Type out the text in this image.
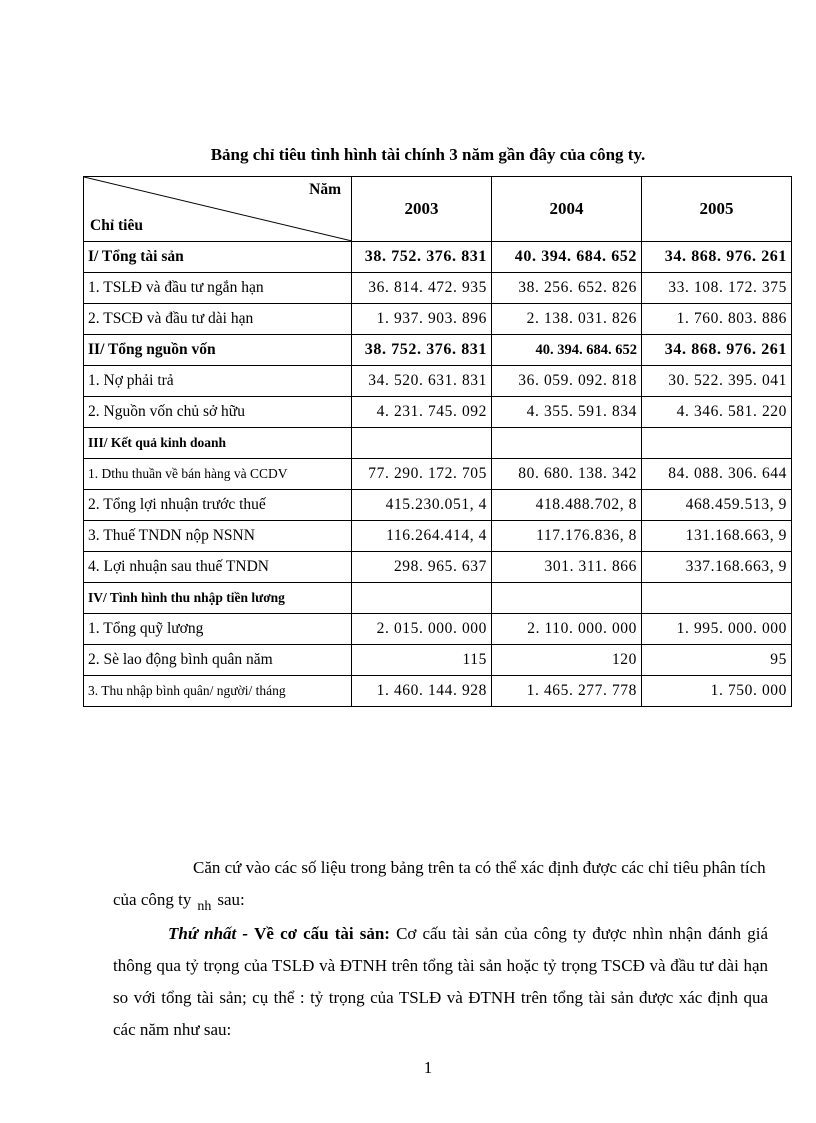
Bảng chỉ tiêu tình hình tài chính 3 năm gần đây của công ty.
Năm
Chỉ tiêu	2003	2004	2005
I/ Tổng tài sản	38. 752. 376. 831	40. 394. 684. 652	34. 868. 976. 261
1. TSLĐ và đầu tư ngắn hạn	36. 814. 472. 935	38. 256. 652. 826	33. 108. 172. 375
2. TSCĐ và đầu tư dài hạn	1. 937. 903. 896	2. 138. 031. 826	1. 760. 803. 886
II/ Tổng nguồn vốn	38. 752. 376. 831	40. 394. 684. 652	34. 868. 976. 261
1. Nợ phải trả	34. 520. 631. 831	36. 059. 092. 818	30. 522. 395. 041
2. Nguồn vốn chủ sở hữu	4. 231. 745. 092	4. 355. 591. 834	4. 346. 581. 220
III/ Kết quả kinh doanh			
1. Dthu thuần về bán hàng và CCDV	77. 290. 172. 705	80. 680. 138. 342	84. 088. 306. 644
2. Tổng lợi nhuận trước thuế	415.230.051, 4	418.488.702, 8	468.459.513, 9
3. Thuế TNDN nộp NSNN	116.264.414, 4	117.176.836, 8	131.168.663, 9
4. Lợi nhuận sau thuế TNDN	298. 965. 637	301. 311. 866	337.168.663, 9
IV/ Tình hình thu nhập tiền lương			
1. Tổng quỹ lương	2. 015. 000. 000	2. 110. 000. 000	1. 995. 000. 000
2. Sè lao động bình quân năm	115	120	95
3. Thu nhập bình quân/ người/ tháng	1. 460. 144. 928	1. 465. 277. 778	1. 750. 000
Căn cứ vào các số liệu trong bảng trên ta có thể xác định được các chỉ tiêu phân tích của công ty $_{nh}$ sau:
Thứ nhất - Về cơ cấu tài sản: Cơ cấu tài sản của công ty được nhìn nhận đánh giá thông qua tỷ trọng của TSLĐ và ĐTNH trên tổng tài sản hoặc tỷ trọng TSCĐ và đầu tư dài hạn so với tổng tài sản; cụ thể : tỷ trọng của TSLĐ và ĐTNH trên tổng tài sản được xác định qua các năm như sau:
1
